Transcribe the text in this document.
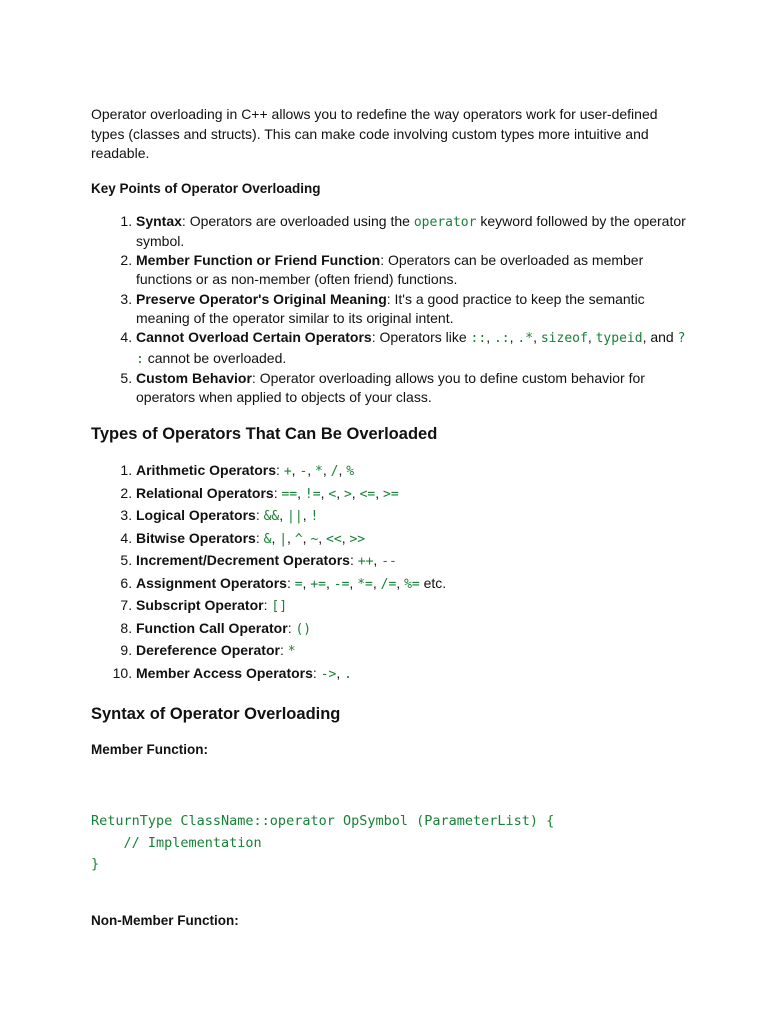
Operator overloading in C++ allows you to redefine the way operators work for user-defined types (classes and structs). This can make code involving custom types more intuitive and readable.

Key Points of Operator Overloading

1. Syntax: Operators are overloaded using the operator keyword followed by the operator symbol.
2. Member Function or Friend Function: Operators can be overloaded as member functions or as non-member (often friend) functions.
3. Preserve Operator's Original Meaning: It's a good practice to keep the semantic meaning of the operator similar to its original intent.
4. Cannot Overload Certain Operators: Operators like ::, .:, .*, sizeof, typeid, and ? : cannot be overloaded.
5. Custom Behavior: Operator overloading allows you to define custom behavior for operators when applied to objects of your class.
Types of Operators That Can Be Overloaded
1. Arithmetic Operators: +, -, *, /, %
2. Relational Operators: ==, !=, <, >, <=, >=
3. Logical Operators: &&, ||, !
4. Bitwise Operators: &, |, ^, ~, <<, >>
5. Increment/Decrement Operators: ++, --
6. Assignment Operators: =, +=, -=, *=, /=, %= etc.
7. Subscript Operator: []
8. Function Call Operator: ()
9. Dereference Operator: *
10. Member Access Operators: ->, .
Syntax of Operator Overloading

Member Function:

ReturnType ClassName::operator OpSymbol (ParameterList) {
// Implementation
}

Non-Member Function:
